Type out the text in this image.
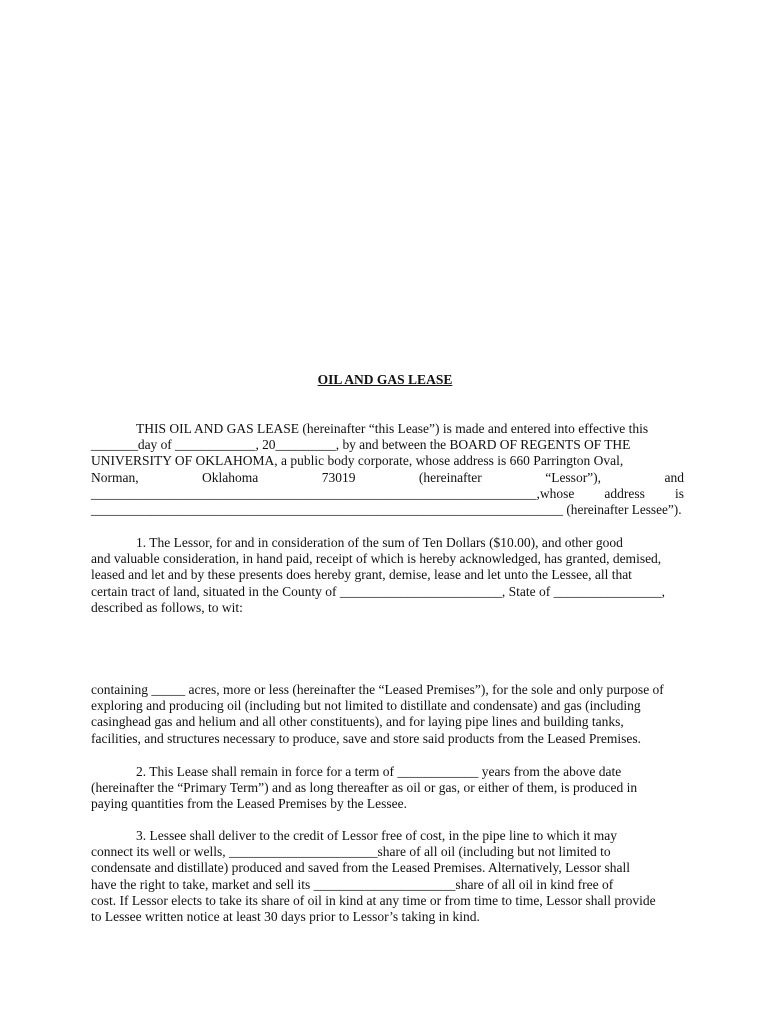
OIL AND GAS LEASE
THIS OIL AND GAS LEASE (hereinafter “this Lease”) is made and entered into effective this
_______day of ____________, 20_________, by and between the BOARD OF REGENTS OF THE
UNIVERSITY OF OKLAHOMA, a public body corporate, whose address is 660 Parrington Oval,
Norman,	Oklahoma	73019	(hereinafter	“Lessor”),	and
__________________________________________________________________,whose address is
_______________________________________________________________________ (hereinafter Lessee”).
1. The Lessor, for and in consideration of the sum of Ten Dollars ($10.00), and other good
and valuable consideration, in hand paid, receipt of which is hereby acknowledged, has granted, demised,
leased and let and by these presents does hereby grant, demise, lease and let unto the Lessee, all that
certain tract of land, situated in the County of ________________________, State of ________________,
described as follows, to wit:
containing _____ acres, more or less (hereinafter the “Leased Premises”), for the sole and only purpose of
exploring and producing oil (including but not limited to distillate and condensate) and gas (including
casinghead gas and helium and all other constituents), and for laying pipe lines and building tanks,
facilities, and structures necessary to produce, save and store said products from the Leased Premises.
2. This Lease shall remain in force for a term of ____________ years from the above date
(hereinafter the “Primary Term”) and as long thereafter as oil or gas, or either of them, is produced in
paying quantities from the Leased Premises by the Lessee.
3. Lessee shall deliver to the credit of Lessor free of cost, in the pipe line to which it may
connect its well or wells, ______________________share of all oil (including but not limited to
condensate and distillate) produced and saved from the Leased Premises. Alternatively, Lessor shall
have the right to take, market and sell its _____________________share of all oil in kind free of
cost. If Lessor elects to take its share of oil in kind at any time or from time to time, Lessor shall provide
to Lessee written notice at least 30 days prior to Lessor’s taking in kind.
